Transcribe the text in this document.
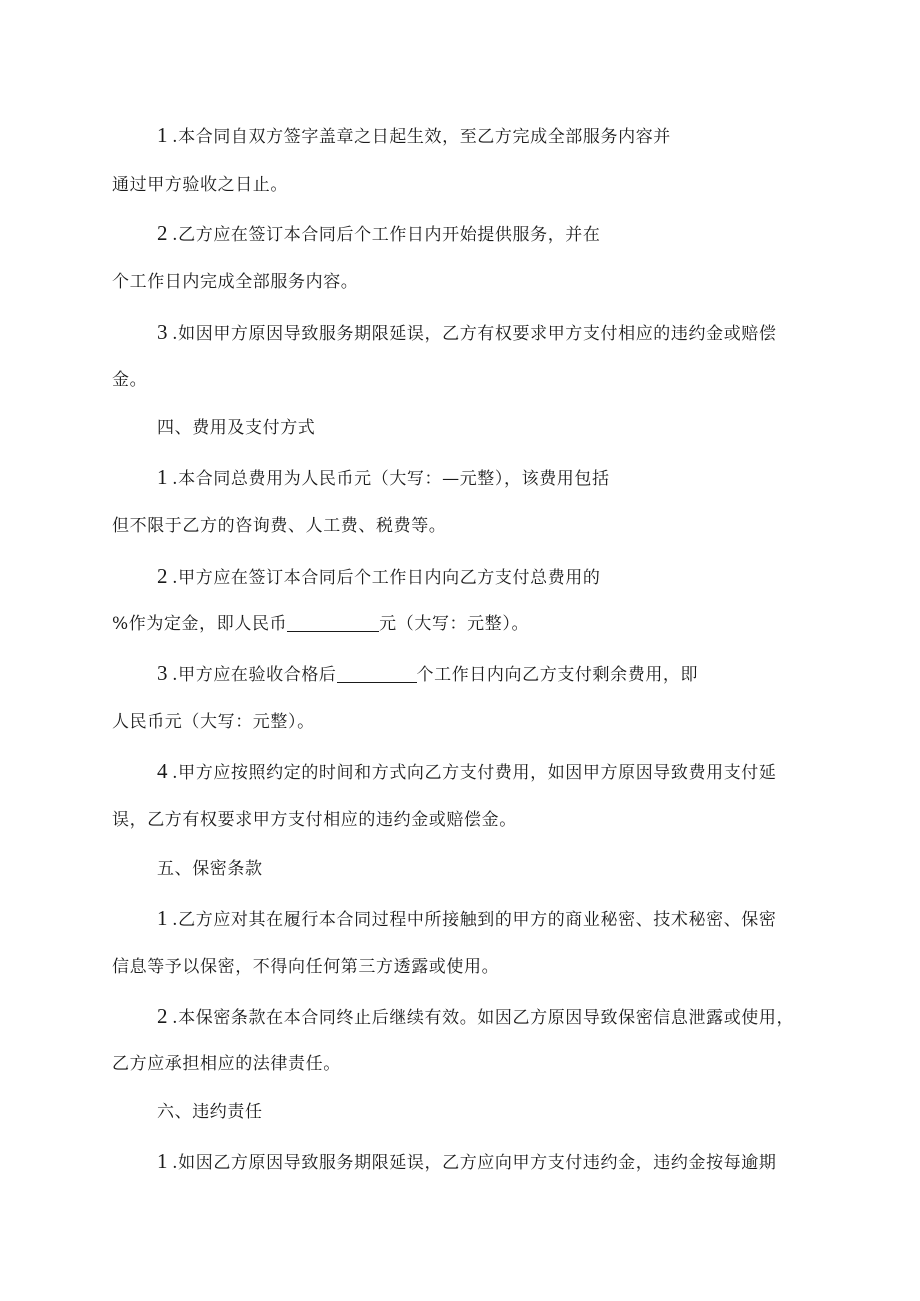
1 .本合同自双方签字盖章之日起生效，至乙方完成全部服务内容并
通过甲方验收之日止。
2 .乙方应在签订本合同后个工作日内开始提供服务，并在
个工作日内完成全部服务内容。
3 .如因甲方原因导致服务期限延误，乙方有权要求甲方支付相应的违约金或赔偿
金。
四、费用及支付方式
1 .本合同总费用为人民币元（大写：—元整），该费用包括
但不限于乙方的咨询费、人工费、税费等。
2 .甲方应在签订本合同后个工作日内向乙方支付总费用的
%作为定金，即人民币	元（大写：元整）。
3 .甲方应在验收合格后	个工作日内向乙方支付剩余费用，即
人民币元（大写：元整）。
4 .甲方应按照约定的时间和方式向乙方支付费用，如因甲方原因导致费用支付延
误，乙方有权要求甲方支付相应的违约金或赔偿金。
五、保密条款
1 .乙方应对其在履行本合同过程中所接触到的甲方的商业秘密、技术秘密、保密
信息等予以保密，不得向任何第三方透露或使用。
2 .本保密条款在本合同终止后继续有效。如因乙方原因导致保密信息泄露或使用，
乙方应承担相应的法律责任。
六、违约责任
1 .如因乙方原因导致服务期限延误，乙方应向甲方支付违约金，违约金按每逾期
